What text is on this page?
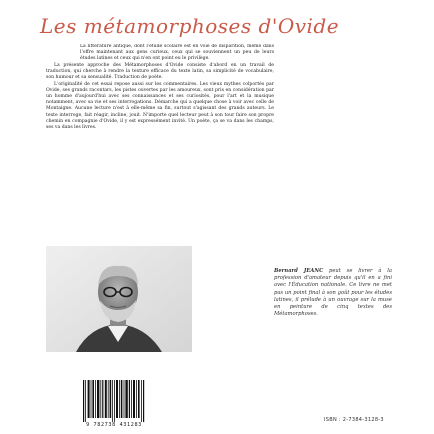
Les métamorphoses d'Ovide

La littérature antique, dont l'étude scolaire est en voie de disparition, même dans l'offre maintenant aux gens curieux, ceux qui se souviennent un peu de leurs études latines et ceux qui n'en ont point eu le privilège.

La présente approche des Métamorphoses d'Ovide consiste d'abord en un travail de traduction, qui cherche à rendre la texture efficace du texte latin, sa simplicité de vocabulaire, son humour et sa sensualité. Traduction de poète.

L'originalité de cet essai repose aussi sur les commentaires. Les vieux mythes colportés par Ovide, ses grands racontars, les pistes ouvertes par les amoureux, sont pris en considération par un homme d'aujourd'hui avec ses connaissances et ses curiosités, pour l'art et la musique notamment, avec sa vie et ses interrogations. Démarche qui a quelque chose à voir avec celle de Montaigne. Aucune lecture n'est à elle-même sa fin, surtout s'agissant des grands auteurs. Le texte interroge, fait réagir, incline, jouit. N'importe quel lecteur peut à son tour faire son propre chemin en compagnie d'Ovide, il y est expressément invité. Un poète, ça se va dans les champs, ses va dans les livres.

Bernard JEANC peut se livrer à la profession d'amateur depuis qu'il en a fini avec l'Éducation nationale. Ce livre ne met pas un point final à son goût pour les études latines, il prélude à un ouvrage sur la muse en peinture de cinq textes des Métamorphoses.
9 782738 431283
ISBN : 2-7384-3128-3
